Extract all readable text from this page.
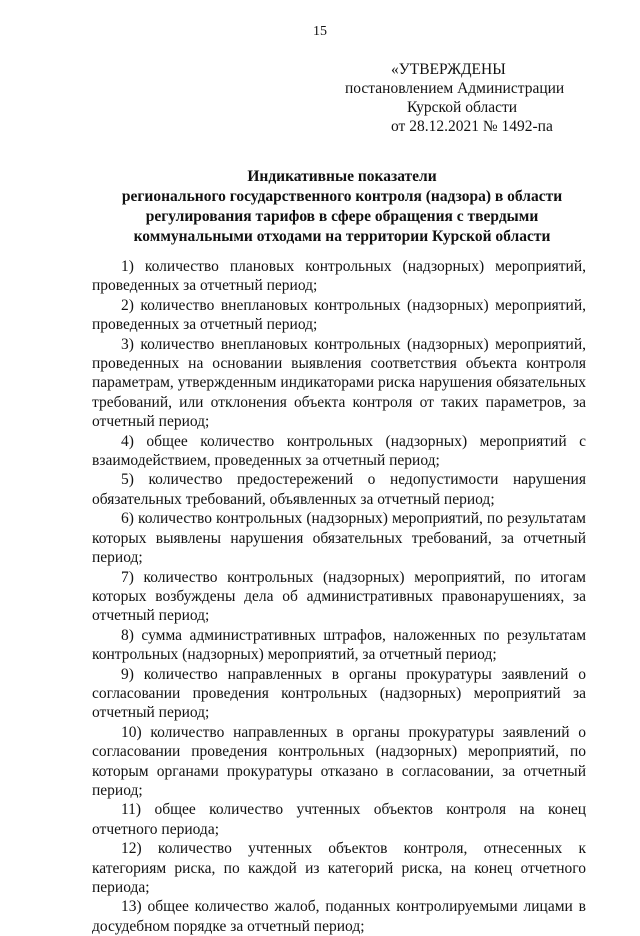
15
«УТВЕРЖДЕНЫ
постановлением Администрации
Курской области
от 28.12.2021 № 1492-па
Индикативные показатели
регионального государственного контроля (надзора) в области
регулирования тарифов в сфере обращения с твердыми
коммунальными отходами на территории Курской области

1) количество плановых контрольных (надзорных) мероприятий, проведенных за отчетный период;

2) количество внеплановых контрольных (надзорных) мероприятий, проведенных за отчетный период;

3) количество внеплановых контрольных (надзорных) мероприятий, проведенных на основании выявления соответствия объекта контроля параметрам, утвержденным индикаторами риска нарушения обязательных требований, или отклонения объекта контроля от таких параметров, за отчетный период;

4) общее количество контрольных (надзорных) мероприятий с взаимодействием, проведенных за отчетный период;

5) количество предостережений о недопустимости нарушения обязательных требований, объявленных за отчетный период;

6) количество контрольных (надзорных) мероприятий, по результатам которых выявлены нарушения обязательных требований, за отчетный период;

7) количество контрольных (надзорных) мероприятий, по итогам которых возбуждены дела об административных правонарушениях, за отчетный период;

8) сумма административных штрафов, наложенных по результатам контрольных (надзорных) мероприятий, за отчетный период;

9) количество направленных в органы прокуратуры заявлений о согласовании проведения контрольных (надзорных) мероприятий за отчетный период;

10) количество направленных в органы прокуратуры заявлений о согласовании проведения контрольных (надзорных) мероприятий, по которым органами прокуратуры отказано в согласовании, за отчетный период;

11) общее количество учтенных объектов контроля на конец отчетного периода;

12) количество учтенных объектов контроля, отнесенных к категориям риска, по каждой из категорий риска, на конец отчетного периода;

13) общее количество жалоб, поданных контролируемыми лицами в досудебном порядке за отчетный период;
